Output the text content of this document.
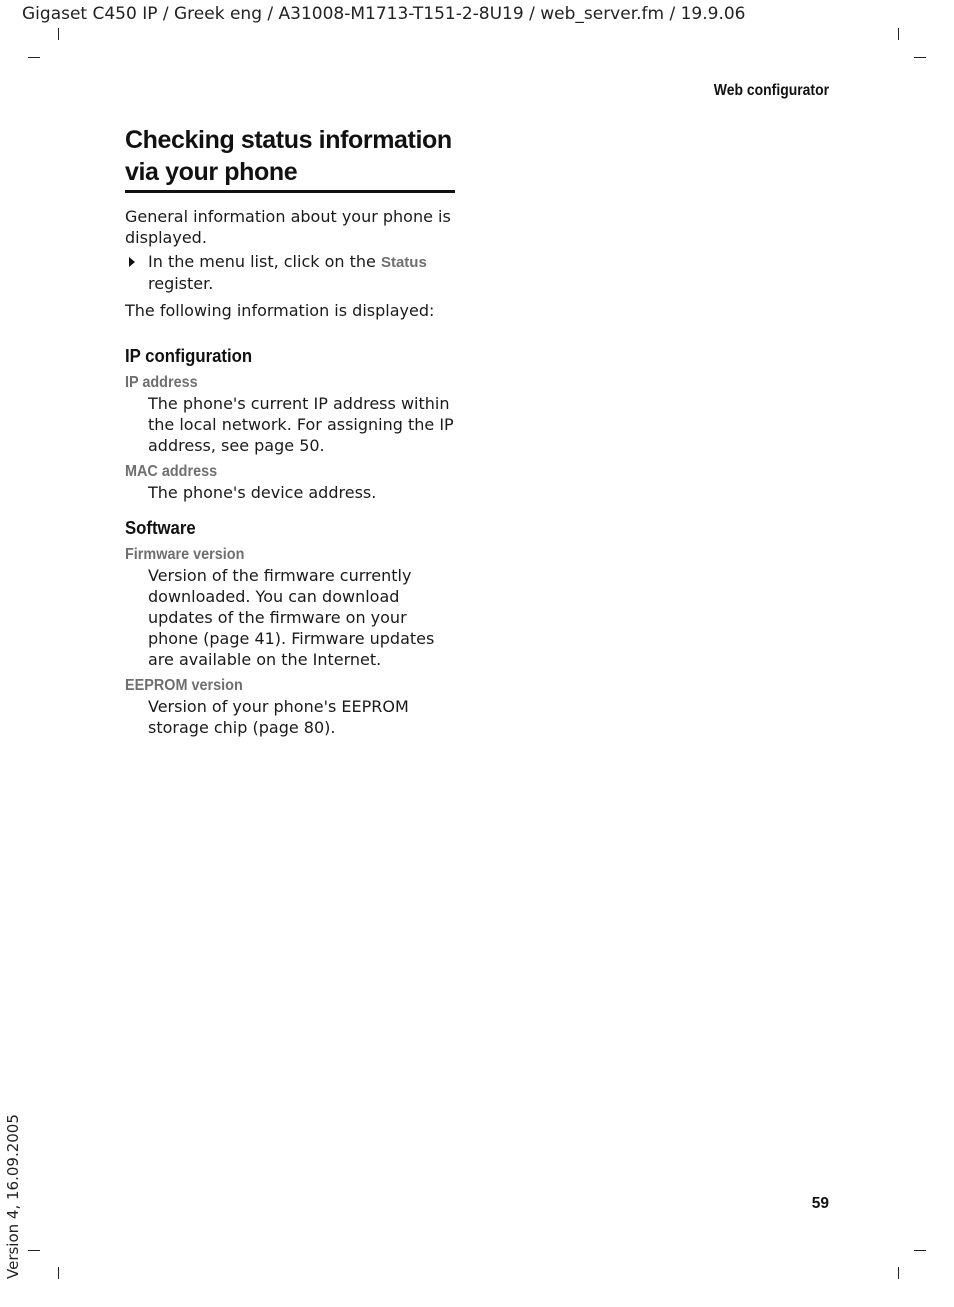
Gigaset C450 IP / Greek eng / A31008-M1713-T151-2-8U19 / web_server.fm / 19.9.06
Web configurator
Checking status information via your phone

General information about your phone is displayed.

In the menu list, click on the Status register.

The following information is displayed:

IP configuration

IP address

The phone's current IP address within the local network. For assigning the IP address, see page 50.

MAC address

The phone's device address.

Software

Firmware version

Version of the firmware currently downloaded. You can download updates of the firmware on your phone (page 41). Firmware updates are available on the Internet.

EEPROM version

Version of your phone's EEPROM storage chip (page 80).

59
Version 4, 16.09.2005
